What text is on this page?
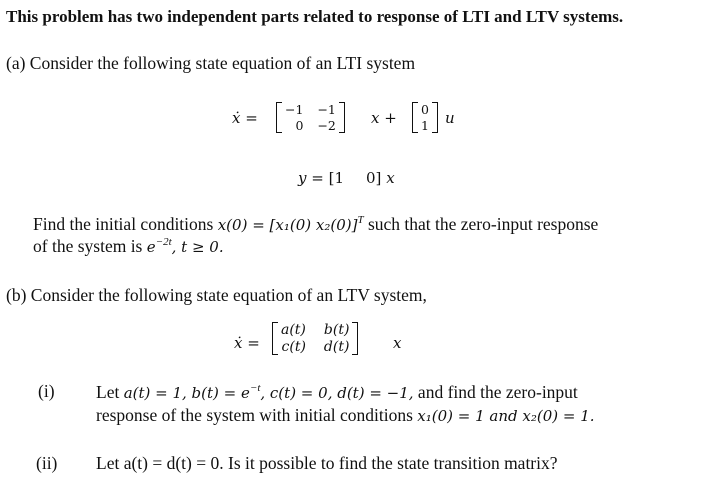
This problem has two independent parts related to response of LTI and LTV systems.
(a) Consider the following state equation of an LTI system
ẋ = −1 −1
0 −2 x + 0
1 u
y = [1 0] x
Find the initial conditions x(0) = [x₁(0) x₂(0)]$^T$ such that the zero-input response
of the system is $e^{-2t}$, t ≥ 0.
(b) Consider the following state equation of an LTV system,
ẋ =
a(t) b(t)
c(t) d(t)	x
(i) Let a(t) = 1, $b(t) = e^{-t}$, c(t) = 0, d(t) = −1, and find the zero-input
response of the system with initial conditions x₁(0) = 1 and x₂(0) = 1.
(ii) Let a(t) = d(t) = 0. Is it possible to find the state transition matrix?
